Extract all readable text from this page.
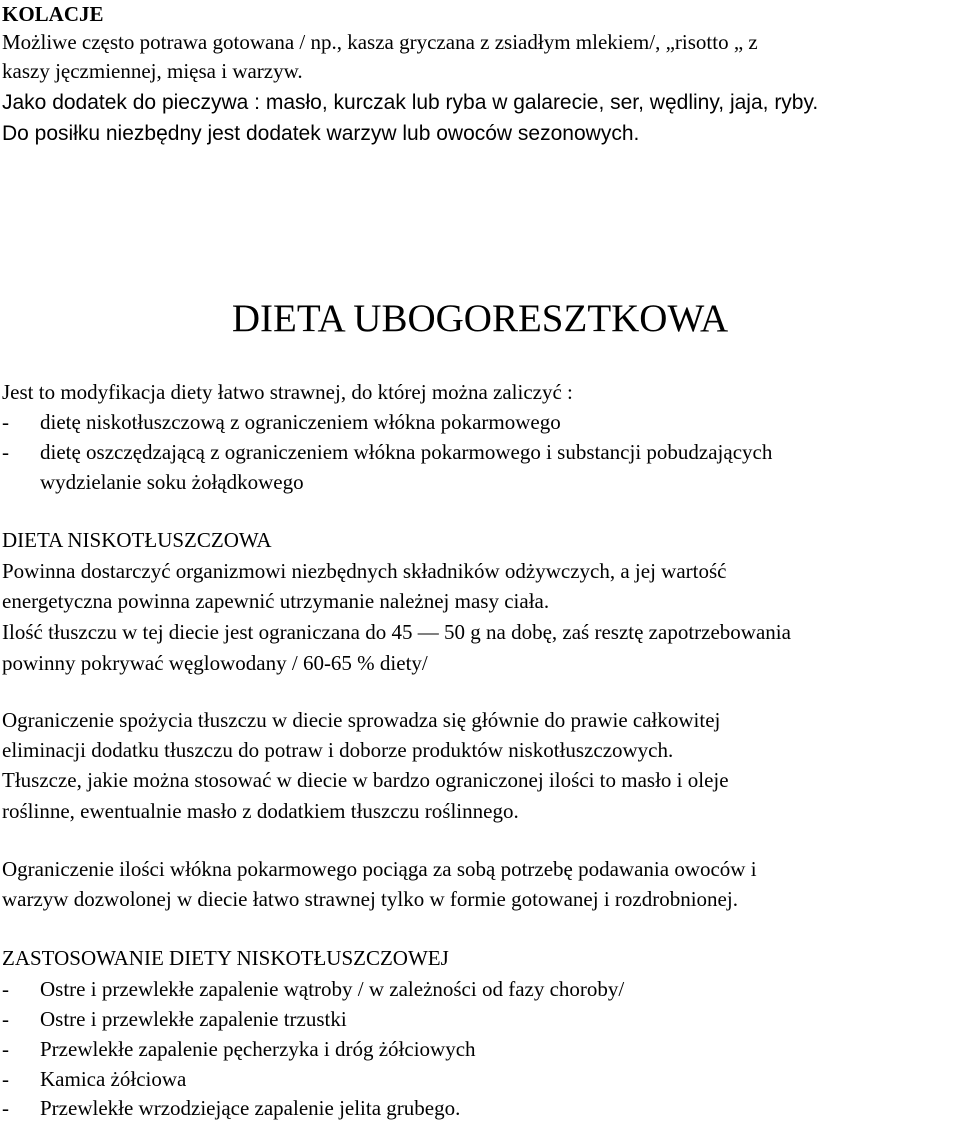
KOLACJE
Możliwe często potrawa gotowana / np., kasza gryczana z zsiadłym mlekiem/, „risotto „ z
kaszy jęczmiennej, mięsa i warzyw.
Jako dodatek do pieczywa : masło, kurczak lub ryba w galarecie, ser, wędliny, jaja, ryby.
Do posiłku niezbędny jest dodatek warzyw lub owoców sezonowych.
DIETA UBOGORESZTKOWA
Jest to modyfikacja diety łatwo strawnej, do której można zaliczyć :
- dietę niskotłuszczową z ograniczeniem włókna pokarmowego
- dietę oszczędzającą z ograniczeniem włókna pokarmowego i substancji pobudzających
wydzielanie soku żołądkowego
DIETA NISKOTŁUSZCZOWA
Powinna dostarczyć organizmowi niezbędnych składników odżywczych, a jej wartość
energetyczna powinna zapewnić utrzymanie należnej masy ciała.
Ilość tłuszczu w tej diecie jest ograniczana do 45 ― 50 g na dobę, zaś resztę zapotrzebowania
powinny pokrywać węglowodany / 60-65 % diety/
Ograniczenie spożycia tłuszczu w diecie sprowadza się głównie do prawie całkowitej
eliminacji dodatku tłuszczu do potraw i doborze produktów niskotłuszczowych.
Tłuszcze, jakie można stosować w diecie w bardzo ograniczonej ilości to masło i oleje
roślinne, ewentualnie masło z dodatkiem tłuszczu roślinnego.
Ograniczenie ilości włókna pokarmowego pociąga za sobą potrzebę podawania owoców i
warzyw dozwolonej w diecie łatwo strawnej tylko w formie gotowanej i rozdrobnionej.
ZASTOSOWANIE DIETY NISKOTŁUSZCZOWEJ
- Ostre i przewlekłe zapalenie wątroby / w zależności od fazy choroby/
- Ostre i przewlekłe zapalenie trzustki
- Przewlekłe zapalenie pęcherzyka i dróg żółciowych
- Kamica żółciowa
- Przewlekłe wrzodziejące zapalenie jelita grubego.
